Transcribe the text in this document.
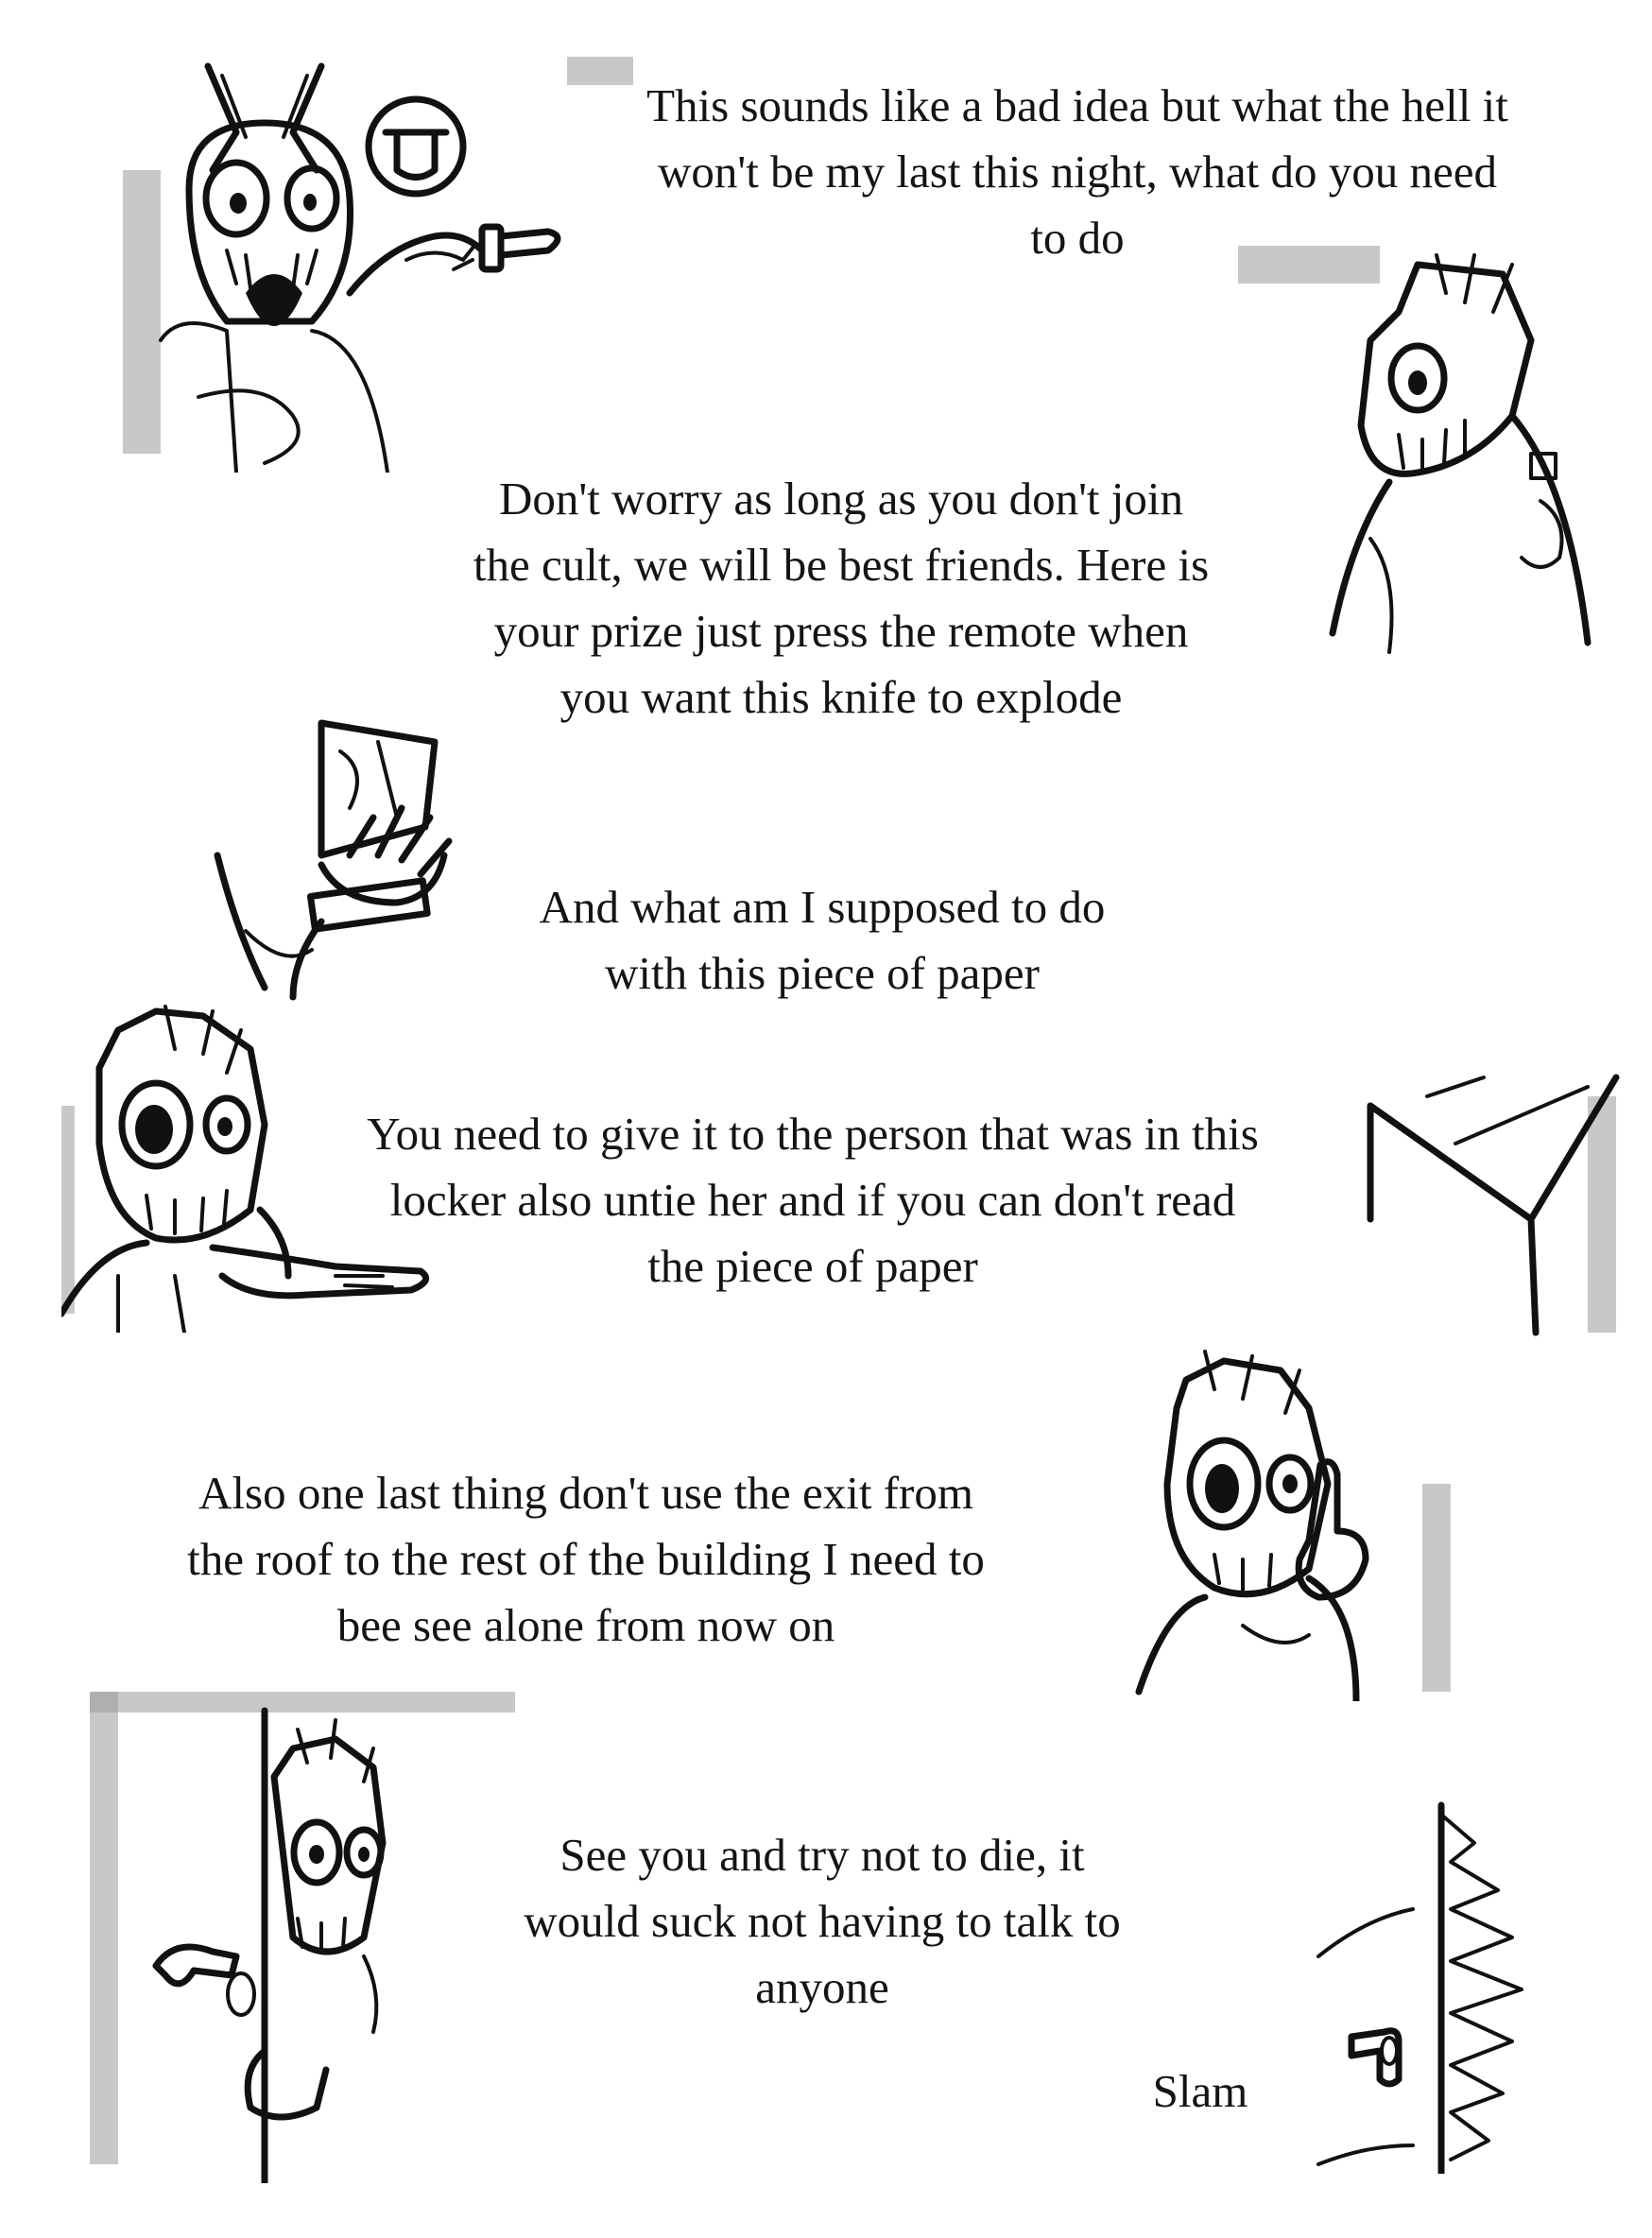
This sounds like a bad idea but what the hell it
won't be my last this night, what do you need
to do
Don't worry as long as you don't join
the cult, we will be best friends. Here is
your prize just press the remote when
you want this knife to explode
And what am I supposed to do
with this piece of paper
You need to give it to the person that was in this
locker also untie her and if you can don't read
the piece of paper
Also one last thing don't use the exit from
the roof to the rest of the building I need to
bee see alone from now on
See you and try not to die, it
would suck not having to talk to
anyone
Slam
